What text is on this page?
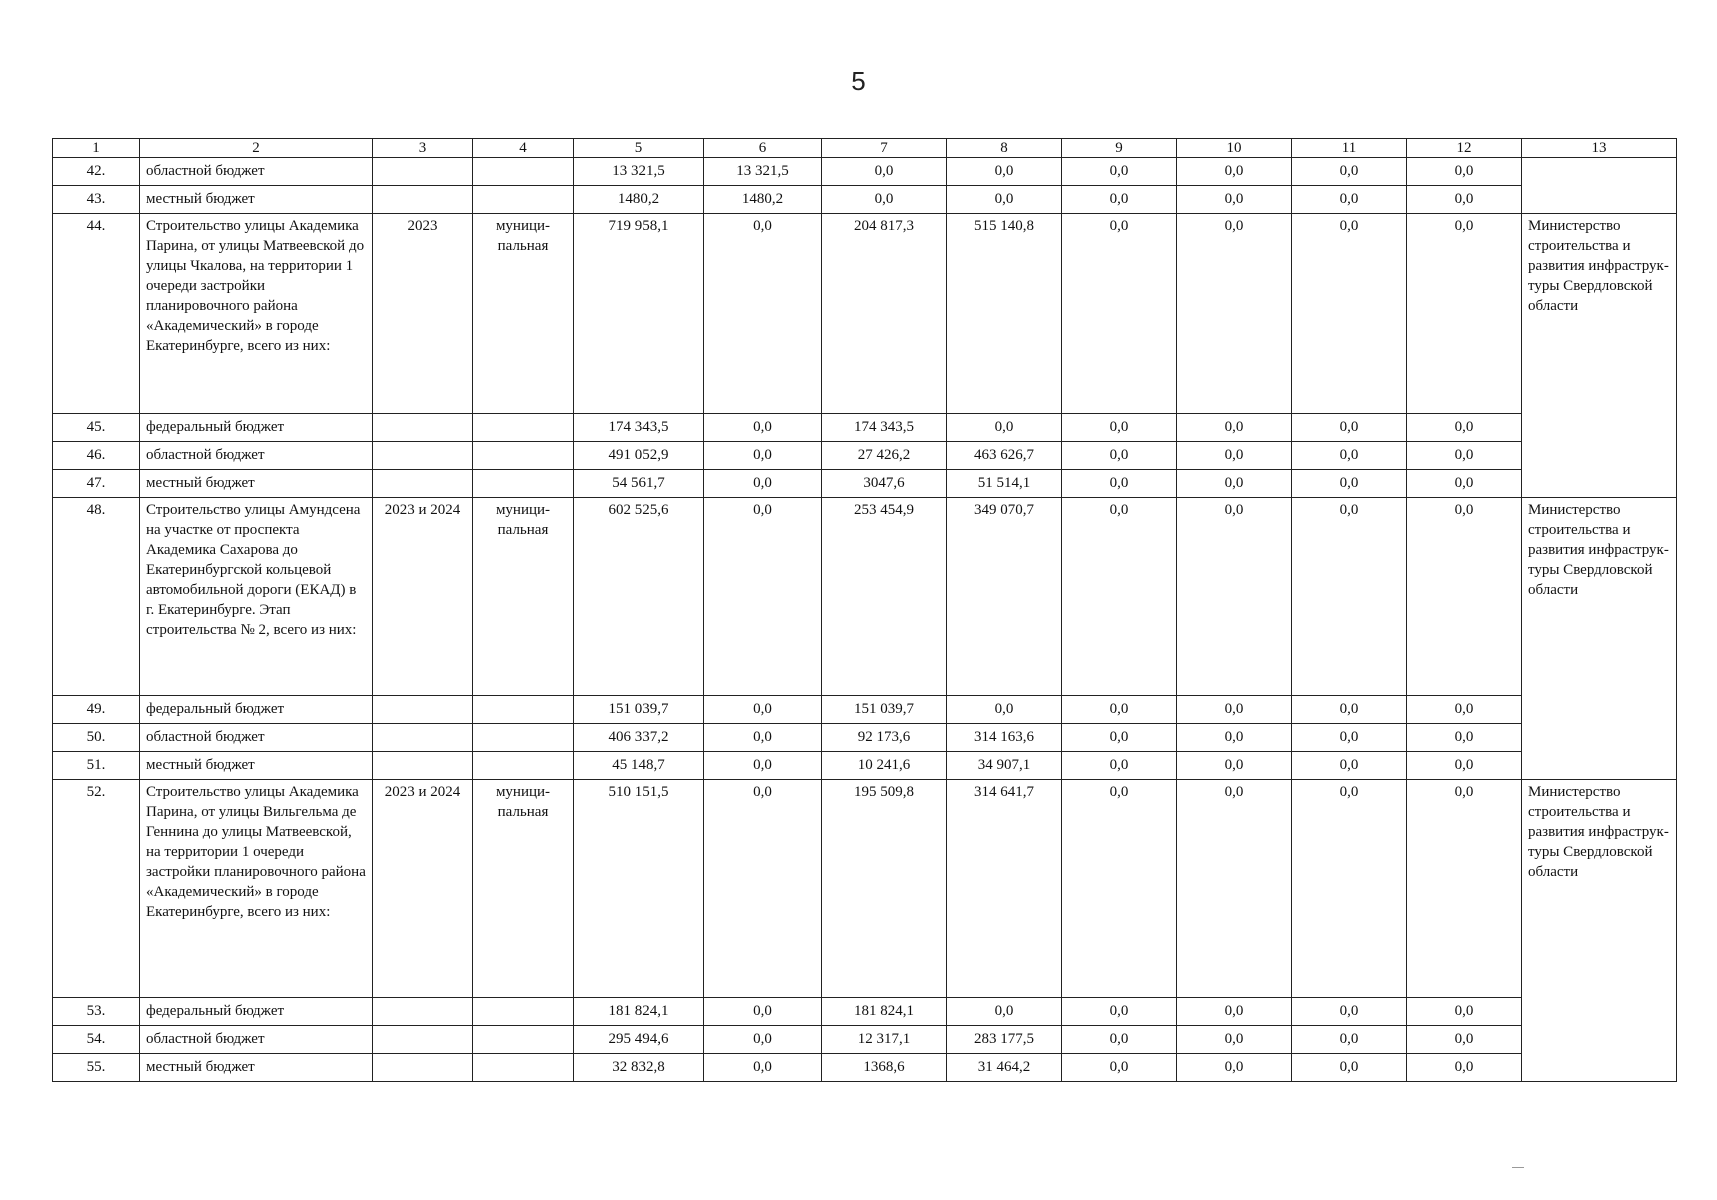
5
1	2	3	4	5	6	7	8	9	10	11	12	13
42.	областной бюджет			13 321,5	13 321,5	0,0	0,0	0,0	0,0	0,0	0,0	
43.	местный бюджет			1480,2	1480,2	0,0	0,0	0,0	0,0	0,0	0,0	
44.	Строительство улицы Академика Парина, от улицы Матвеевской до улицы Чкалова, на территории 1 очереди застройки планировочного района «Академический» в городе Екатеринбурге, всего из них:	2023	муници-пальная	719 958,1	0,0	204 817,3	515 140,8	0,0	0,0	0,0	0,0	Министерство строительства и развития инфраструк-туры Свердловской области
45.	федеральный бюджет			174 343,5	0,0	174 343,5	0,0	0,0	0,0	0,0	0,0	
46.	областной бюджет			491 052,9	0,0	27 426,2	463 626,7	0,0	0,0	0,0	0,0	
47.	местный бюджет			54 561,7	0,0	3047,6	51 514,1	0,0	0,0	0,0	0,0	
48.	Строительство улицы Амундсена на участке от проспекта Академика Сахарова до Екатеринбургской кольцевой автомобильной дороги (ЕКАД) в г. Екатеринбурге. Этап строительства № 2, всего из них:	2023 и 2024	муници-пальная	602 525,6	0,0	253 454,9	349 070,7	0,0	0,0	0,0	0,0	Министерство строительства и развития инфраструк-туры Свердловской области
49.	федеральный бюджет			151 039,7	0,0	151 039,7	0,0	0,0	0,0	0,0	0,0	
50.	областной бюджет			406 337,2	0,0	92 173,6	314 163,6	0,0	0,0	0,0	0,0	
51.	местный бюджет			45 148,7	0,0	10 241,6	34 907,1	0,0	0,0	0,0	0,0	
52.	Строительство улицы Академика Парина, от улицы Вильгельма де Геннина до улицы Матвеевской, на территории 1 очереди застройки планировочного района «Академический» в городе Екатеринбурге, всего из них:	2023 и 2024	муници-пальная	510 151,5	0,0	195 509,8	314 641,7	0,0	0,0	0,0	0,0	Министерство строительства и развития инфраструк-туры Свердловской области
53.	федеральный бюджет			181 824,1	0,0	181 824,1	0,0	0,0	0,0	0,0	0,0	
54.	областной бюджет			295 494,6	0,0	12 317,1	283 177,5	0,0	0,0	0,0	0,0	
55.	местный бюджет			32 832,8	0,0	1368,6	31 464,2	0,0	0,0	0,0	0,0	
